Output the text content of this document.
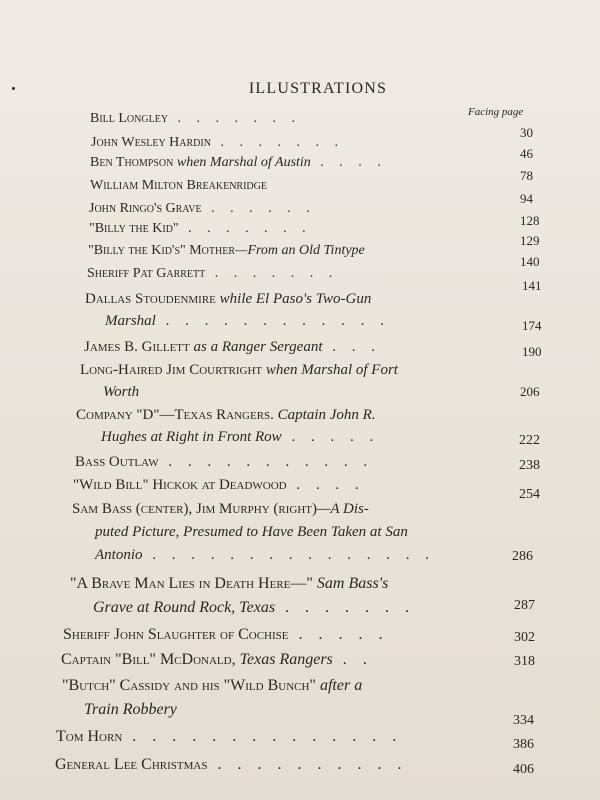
ILLUSTRATIONS
Facing page
Bill Longley . . . . . . .
30
John Wesley Hardin . . . . . . .
46
Ben Thompson when Marshal of Austin . . . .
78
William Milton Breakenridge
John Ringo's Grave . . . . . .
94
"Billy the Kid" . . . . . . .
128
"Billy the Kid's" Mother—From an Old Tintype
129
Sheriff Pat Garrett . . . . . . .
140
Dallas Stoudenmire while El Paso's Two-Gun
Marshal . . . . . . . . . . . .
141
James B. Gillett as a Ranger Sergeant . . .
174
Long-Haired Jim Courtright when Marshal of Fort
Worth
190
Company "D"—Texas Rangers. Captain John R.
Hughes at Right in Front Row . . . . .
206
Bass Outlaw . . . . . . . . . . .
222
"Wild Bill" Hickok at Deadwood . . . .
238
Sam Bass (center), Jim Murphy (right)—A Dis-
puted Picture, Presumed to Have Been Taken at San
Antonio . . . . . . . . . . . . . . .
254
"A Brave Man Lies in Death Here—" Sam Bass's
Grave at Round Rock, Texas . . . . . . .
286
Sheriff John Slaughter of Cochise . . . . .
287
Captain "Bill" McDonald, Texas Rangers . .
302
"Butch" Cassidy and his "Wild Bunch" after a
Train Robbery
318
Tom Horn . . . . . . . . . . . . . .
334
General Lee Christmas . . . . . . . . . .
386
406
